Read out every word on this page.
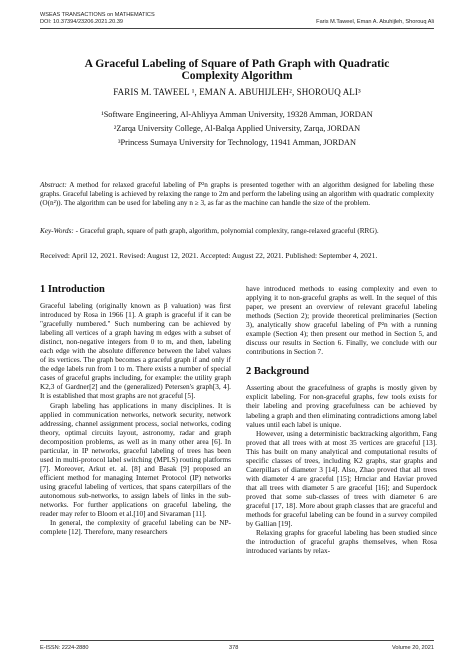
WSEAS TRANSACTIONS on MATHEMATICS
DOI: 10.37394/23206.2021.20.39	Faris M.Taweel, Eman A. Abuhijleh, Shorouq Ali
A Graceful Labeling of Square of Path Graph with Quadratic
Complexity Algorithm
FARIS M. TAWEEL ¹, EMAN A. ABUHIJLEH², SHOROUQ ALI³
¹Software Engineering, Al-Ahliyya Amman University, 19328 Amman, JORDAN
²Zarqa University College, Al-Balqa Applied University, Zarqa, JORDAN
³Princess Sumaya University for Technology, 11941 Amman, JORDAN
Abstract: A method for relaxed graceful labeling of P²n graphs is presented together with an algorithm designed for labeling these graphs. Graceful labeling is achieved by relaxing the range to 2m and perform the labeling using an algorithm with quadratic complexity (O(n²)). The algorithm can be used for labeling any n ≥ 3, as far as the machine can handle the size of the problem.
Key-Words: - Graceful graph, square of path graph, algorithm, polynomial complexity, range-relaxed graceful (RRG).
Received: April 12, 2021. Revised: August 12, 2021. Accepted: August 22, 2021. Published: September 4, 2021.
1 Introduction

Graceful labeling (originally known as β valuation) was first introduced by Rosa in 1966 [1]. A graph is graceful if it can be "gracefully numbered." Such numbering can be achieved by labeling all vertices of a graph having m edges with a subset of distinct, non-negative integers from 0 to m, and then, labeling each edge with the absolute difference between the label values of its vertices. The graph becomes a graceful graph if and only if the edge labels run from 1 to m. There exists a number of special cases of graceful graphs including, for example: the utility graph K2,3 of Gardner[2] and the (generalized) Petersen's graph[3, 4]. It is established that most graphs are not graceful [5].

Graph labeling has applications in many disciplines. It is applied in communication networks, network security, network addressing, channel assignment process, social networks, coding theory, optimal circuits layout, astronomy, radar and graph decomposition problems, as well as in many other area [6]. In particular, in IP networks, graceful labeling of trees has been used in multi-protocol label switching (MPLS) routing platforms [7]. Moreover, Arkut et. al. [8] and Basak [9] proposed an efficient method for managing Internet Protocol (IP) networks using graceful labeling of vertices, that spans caterpillars of the autonomous sub-networks, to assign labels of links in the sub-networks. For further applications on graceful labeling, the reader may refer to Bloom et al.[10] and Sivaraman [11].

In general, the complexity of graceful labeling can be NP-complete [12]. Therefore, many researchers

have introduced methods to easing complexity and even to applying it to non-graceful graphs as well. In the sequel of this paper, we present an overview of relevant graceful labeling methods (Section 2); provide theoretical preliminaries (Section 3), analytically show graceful labeling of P²n with a running example (Section 4); then present our method in Section 5, and discuss our results in Section 6. Finally, we conclude with our contributions in Section 7.

2 Background

Asserting about the gracefulness of graphs is mostly given by explicit labeling. For non-graceful graphs, few tools exists for their labeling and proving gracefulness can be achieved by labeling a graph and then eliminating contradictions among label values until each label is unique.

However, using a deterministic backtracking algorithm, Fang proved that all trees with at most 35 vertices are graceful [13]. This has built on many analytical and computational results of specific classes of trees, including K2 graphs, star graphs and Caterpillars of diameter 3 [14]. Also, Zhao proved that all trees with diameter 4 are graceful [15]; Hrnciar and Haviar proved that all trees with diameter 5 are graceful [16]; and Superdock proved that some sub-classes of trees with diameter 6 are graceful [17, 18]. More about graph classes that are graceful and methods for graceful labeling can be found in a survey compiled by Gallian [19].

Relaxing graphs for graceful labeling has been studied since the introduction of graceful graphs themselves, when Rosa introduced variants by relax-

E-ISSN: 2224-2880	378	Volume 20, 2021
